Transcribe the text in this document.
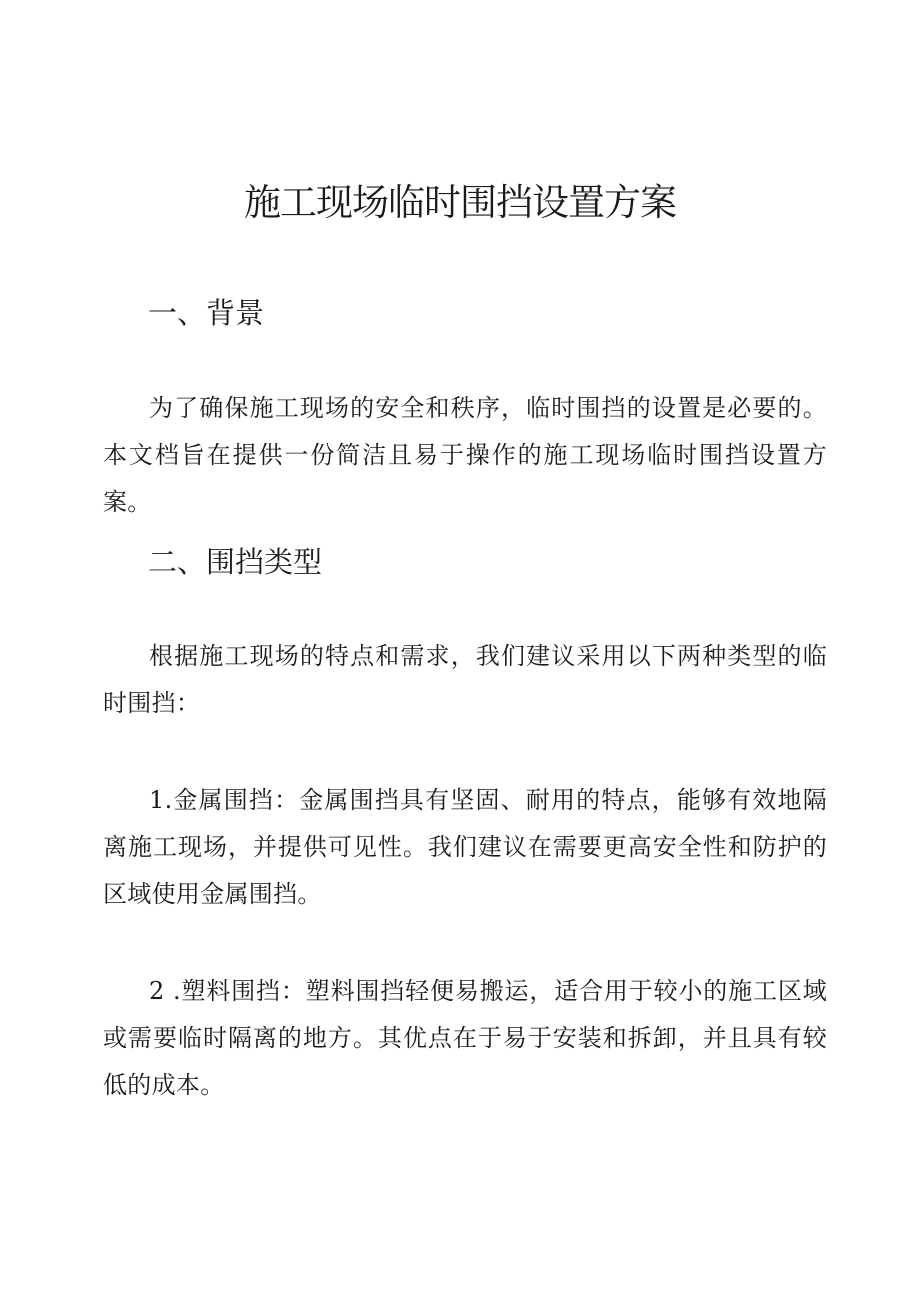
施工现场临时围挡设置方案
一、背景

为了确保施工现场的安全和秩序，临时围挡的设置是必要的。本文档旨在提供一份简洁且易于操作的施工现场临时围挡设置方案。

二、围挡类型

根据施工现场的特点和需求，我们建议采用以下两种类型的临时围挡：

1.金属围挡：金属围挡具有坚固、耐用的特点，能够有效地隔离施工现场，并提供可见性。我们建议在需要更高安全性和防护的区域使用金属围挡。

2 .塑料围挡：塑料围挡轻便易搬运，适合用于较小的施工区域或需要临时隔离的地方。其优点在于易于安装和拆卸，并且具有较低的成本。
